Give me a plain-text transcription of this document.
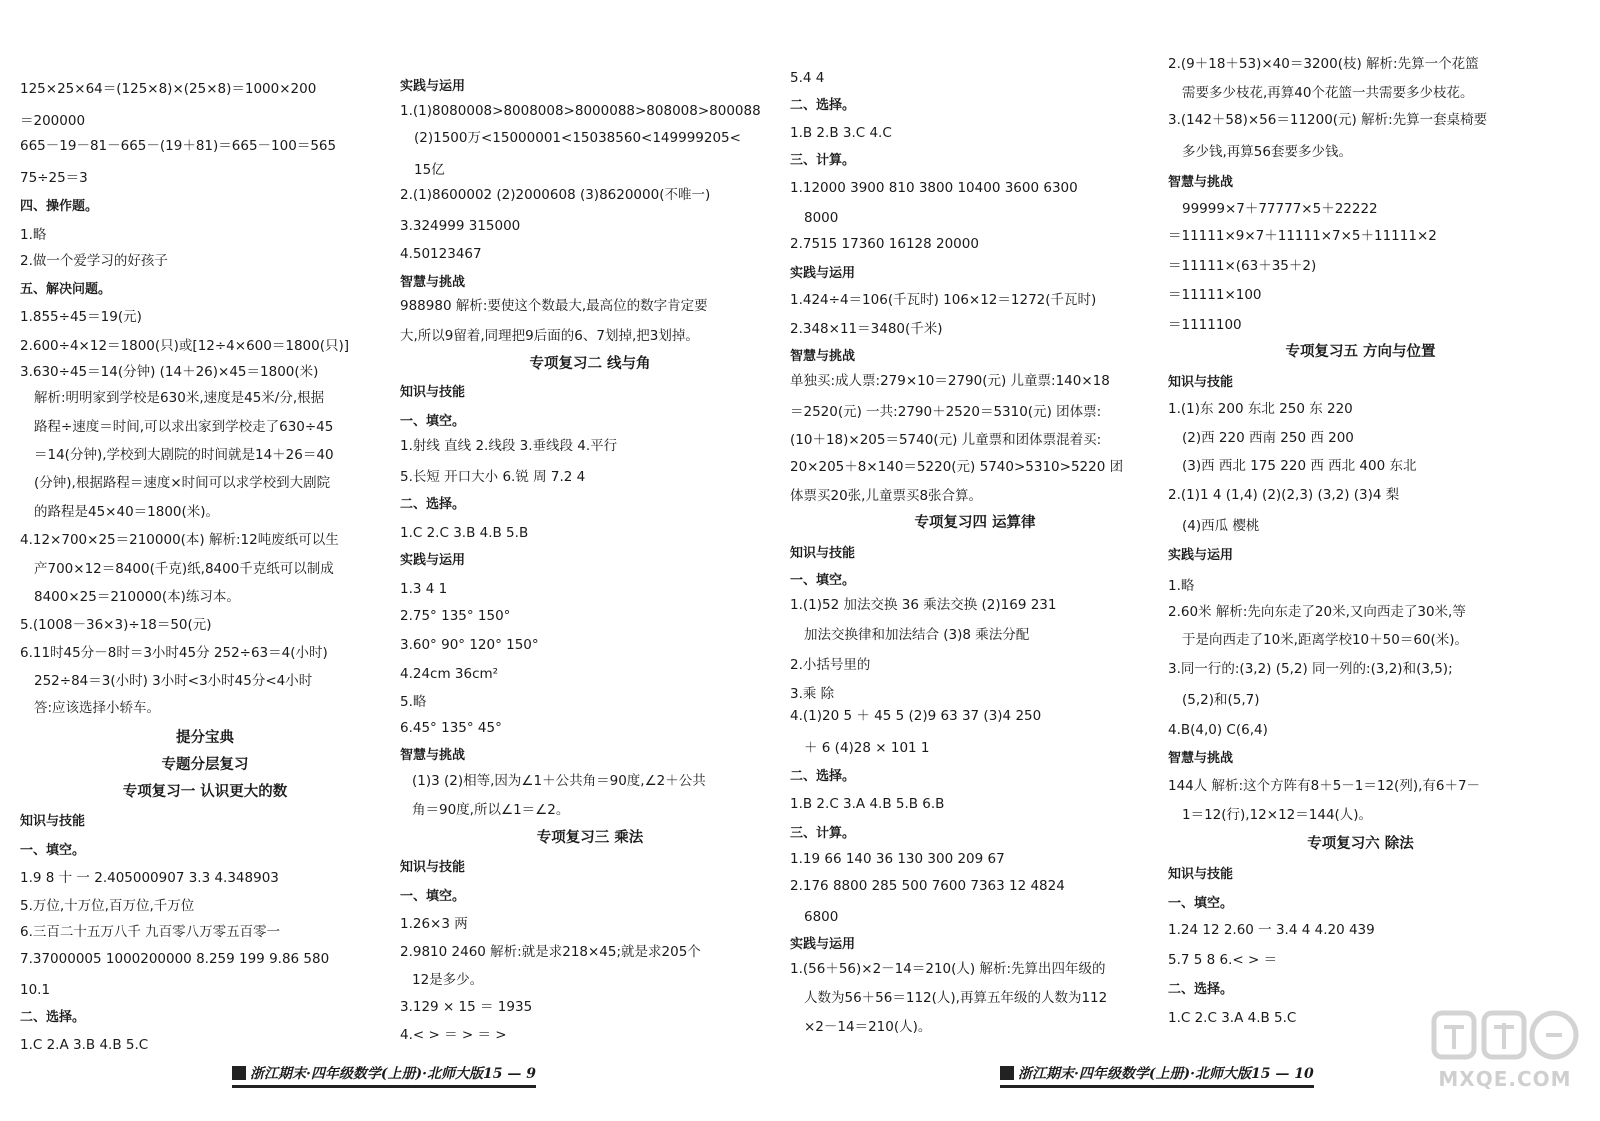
125×25×64＝(125×8)×(25×8)＝1000×200
＝200000
665－19－81－665－(19＋81)＝665－100＝565
75÷25＝3
四、操作题。
1.略
2.做一个爱学习的好孩子
五、解决问题。
1.855÷45＝19(元)
2.600÷4×12＝1800(只)或[12÷4×600＝1800(只)]
3.630÷45＝14(分钟) (14＋26)×45＝1800(米)
解析:明明家到学校是630米,速度是45米/分,根据
路程÷速度＝时间,可以求出家到学校走了630÷45
＝14(分钟),学校到大剧院的时间就是14＋26＝40
(分钟),根据路程＝速度×时间可以求学校到大剧院
的路程是45×40＝1800(米)。
4.12×700×25＝210000(本) 解析:12吨废纸可以生
产700×12＝8400(千克)纸,8400千克纸可以制成
8400×25＝210000(本)练习本。
5.(1008－36×3)÷18＝50(元)
6.11时45分－8时＝3小时45分 252÷63＝4(小时)
252÷84＝3(小时) 3小时<3小时45分<4小时
答:应该选择小轿车。
提分宝典
专题分层复习
专项复习一 认识更大的数
知识与技能
一、填空。
1.9 8 十 一 2.405000907 3.3 4.348903
5.万位,十万位,百万位,千万位
6.三百二十五万八千 九百零八万零五百零一
7.37000005 1000200000 8.259 199 9.86 580
10.1
二、选择。
1.C 2.A 3.B 4.B 5.C
实践与运用
1.(1)8080008>8008008>8000088>808008>800088
(2)1500万<15000001<15038560<149999205<
15亿
2.(1)8600002 (2)2000608 (3)8620000(不唯一)
3.324999 315000
4.50123467
智慧与挑战
988980 解析:要使这个数最大,最高位的数字肯定要
大,所以9留着,同理把9后面的6、7划掉,把3划掉。
专项复习二 线与角
知识与技能
一、填空。
1.射线 直线 2.线段 3.垂线段 4.平行
5.长短 开口大小 6.锐 周 7.2 4
二、选择。
1.C 2.C 3.B 4.B 5.B
实践与运用
1.3 4 1
2.75° 135° 150°
3.60° 90° 120° 150°
4.24cm 36cm²
5.略
6.45° 135° 45°
智慧与挑战
(1)3 (2)相等,因为∠1＋公共角＝90度,∠2＋公共
角＝90度,所以∠1＝∠2。
专项复习三 乘法
知识与技能
一、填空。
1.26×3 两
2.9810 2460 解析:就是求218×45;就是求205个
12是多少。
3.129 × 15 ＝ 1935
4.< > ＝ > ＝ >
5.4 4
二、选择。
1.B 2.B 3.C 4.C
三、计算。
1.12000 3900 810 3800 10400 3600 6300
8000
2.7515 17360 16128 20000
实践与运用
1.424÷4＝106(千瓦时) 106×12＝1272(千瓦时)
2.348×11＝3480(千米)
智慧与挑战
单独买:成人票:279×10＝2790(元) 儿童票:140×18
＝2520(元) 一共:2790＋2520＝5310(元) 团体票:
(10＋18)×205＝5740(元) 儿童票和团体票混着买:
20×205＋8×140＝5220(元) 5740>5310>5220 团
体票买20张,儿童票买8张合算。
专项复习四 运算律
知识与技能
一、填空。
1.(1)52 加法交换 36 乘法交换 (2)169 231
加法交换律和加法结合 (3)8 乘法分配
2.小括号里的
3.乘 除
4.(1)20 5 ＋ 45 5 (2)9 63 37 (3)4 250
＋ 6 (4)28 × 101 1
二、选择。
1.B 2.C 3.A 4.B 5.B 6.B
三、计算。
1.19 66 140 36 130 300 209 67
2.176 8800 285 500 7600 7363 12 4824
6800
实践与运用
1.(56＋56)×2－14＝210(人) 解析:先算出四年级的
人数为56＋56＝112(人),再算五年级的人数为112
×2－14＝210(人)。
2.(9＋18＋53)×40＝3200(枝) 解析:先算一个花篮
需要多少枝花,再算40个花篮一共需要多少枝花。
3.(142＋58)×56＝11200(元) 解析:先算一套桌椅要
多少钱,再算56套要多少钱。
智慧与挑战
99999×7＋77777×5＋22222
＝11111×9×7＋11111×7×5＋11111×2
＝11111×(63＋35＋2)
＝11111×100
＝1111100
专项复习五 方向与位置
知识与技能
1.(1)东 200 东北 250 东 220
(2)西 220 西南 250 西 200
(3)西 西北 175 220 西 西北 400 东北
2.(1)1 4 (1,4) (2)(2,3) (3,2) (3)4 梨
(4)西瓜 樱桃
实践与运用
1.略
2.60米 解析:先向东走了20米,又向西走了30米,等
于是向西走了10米,距离学校10＋50＝60(米)。
3.同一行的:(3,2) (5,2) 同一列的:(3,2)和(3,5);
(5,2)和(5,7)
4.B(4,0) C(6,4)
智慧与挑战
144人 解析:这个方阵有8＋5－1＝12(列),有6＋7－
1＝12(行),12×12＝144(人)。
专项复习六 除法
知识与技能
一、填空。
1.24 12 2.60 一 3.4 4 4.20 439
5.7 5 8 6.< > ＝
二、选择。
1.C 2.C 3.A 4.B 5.C
浙江期末·四年级数学(上册)·北师大版15 — 9	浙江期末·四年级数学(上册)·北师大版15 — 10	MXQE.COM
